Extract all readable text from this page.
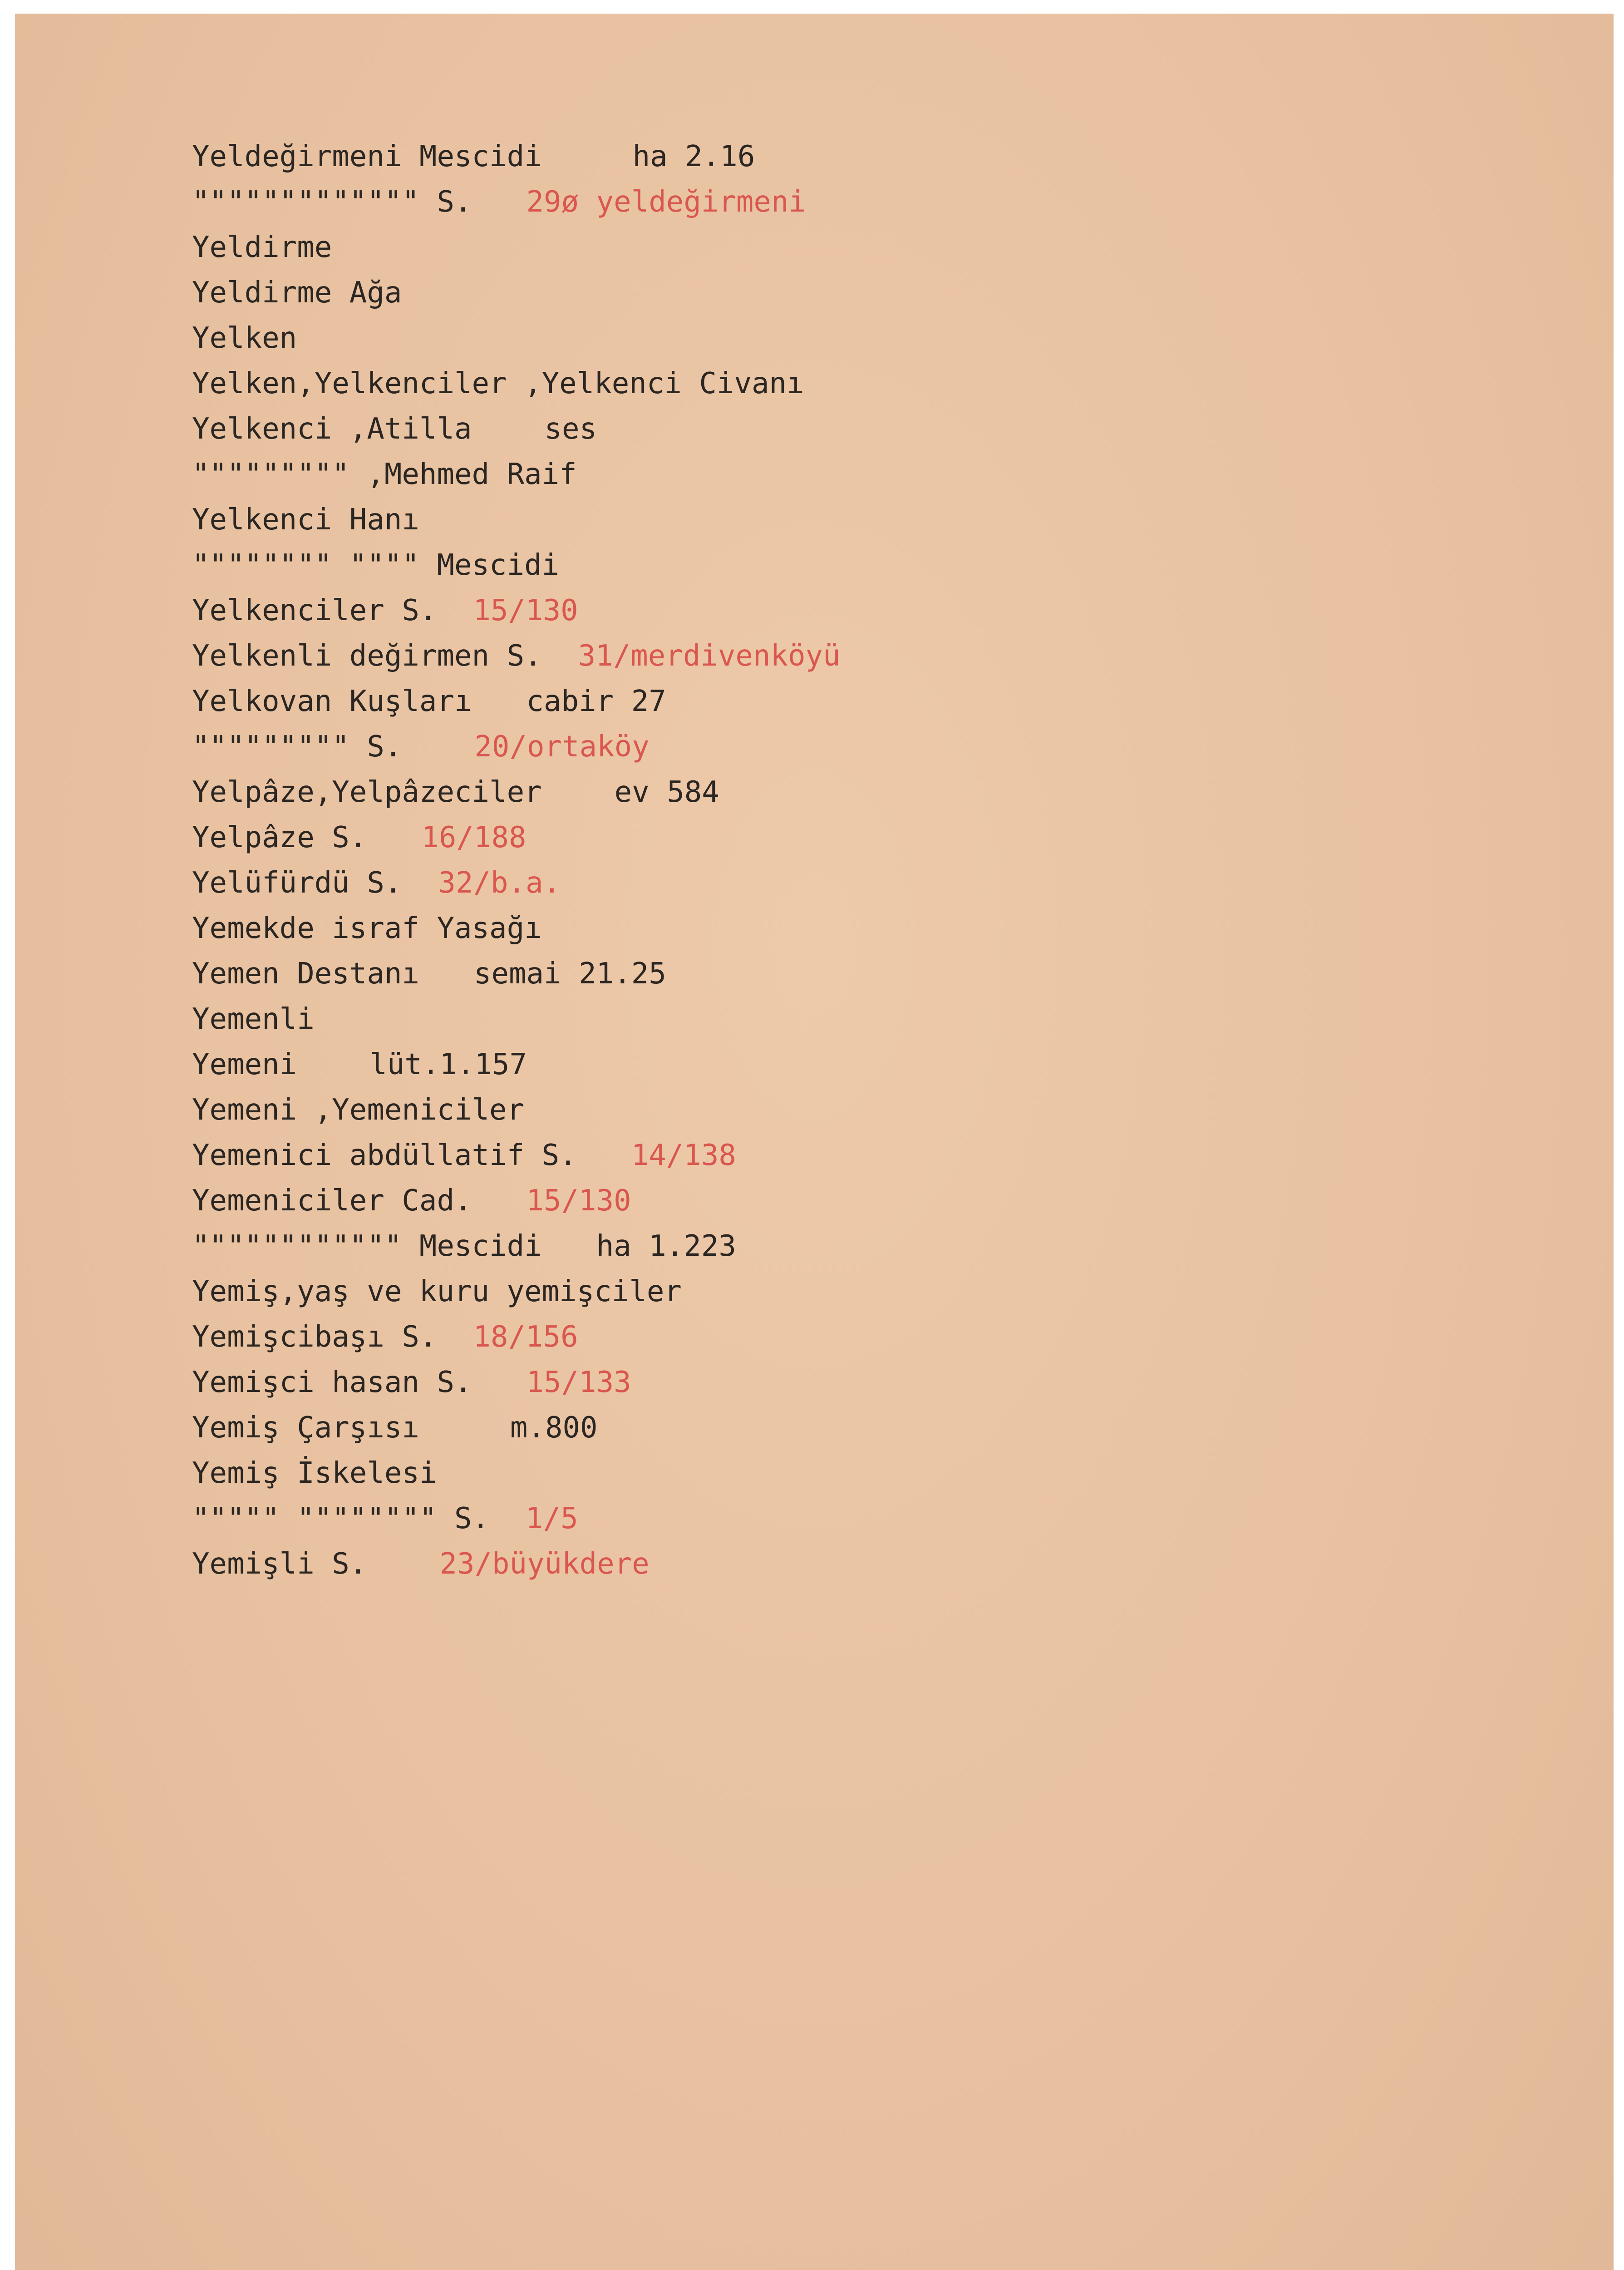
Yeldeğirmeni Mescidi	ha 2.16
""""""""""""" S. 29ø yeldeğirmeni
Yeldirme
Yeldirme Ağa
Yelken
Yelken,Yelkenciler ,Yelkenci Civanı
Yelkenci ,Atilla	ses
""""""""" ,Mehmed Raif
Yelkenci Hanı
"""""""" """" Mescidi
Yelkenciler S. 15/130
Yelkenli değirmen S. 31/merdivenköyü
Yelkovan Kuşları cabir 27
""""""""" S.	20/ortaköy
Yelpâze,Yelpâzeciler	ev 584
Yelpâze S. 16/188
Yelüfürdü S. 32/b.a.
Yemekde israf Yasağı
Yemen Destanı semai 21.25
Yemenli
Yemeni	lüt.1.157
Yemeni ,Yemeniciler
Yemenici abdüllatif S. 14/138
Yemeniciler Cad. 15/130
"""""""""""" Mescidi ha 1.223
Yemiş,yaş ve kuru yemişciler
Yemişcibaşı S. 18/156
Yemişci hasan S. 15/133
Yemiş Çarşısı	m.800
Yemiş İskelesi
""""" """""""" S. 1/5
Yemişli S.	23/büyükdere
